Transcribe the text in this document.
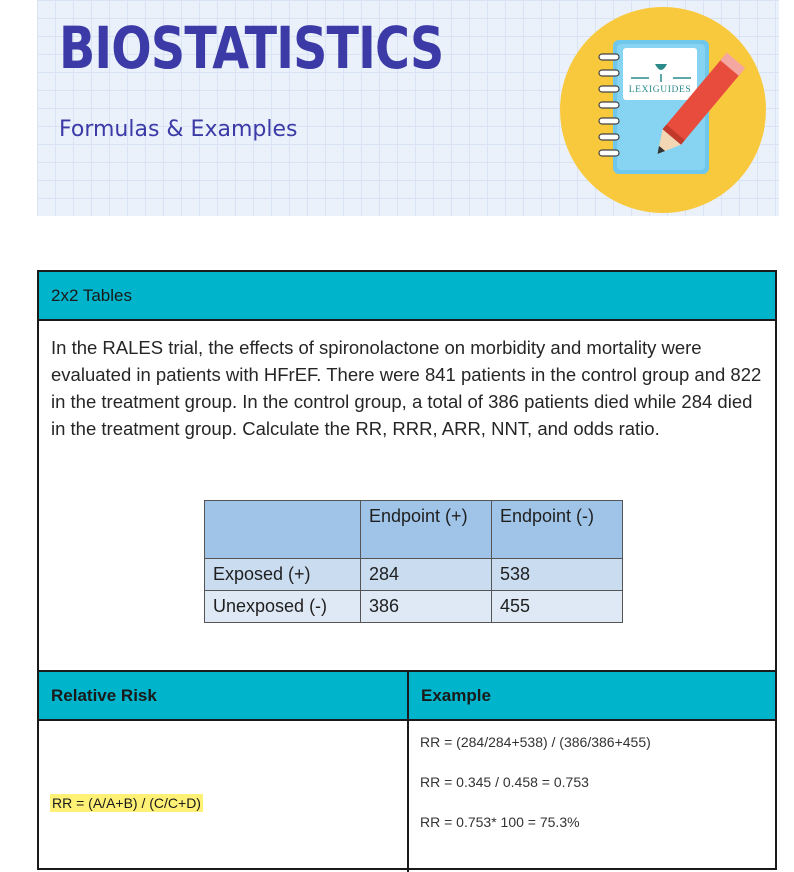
BIOSTATISTICS
Formulas & Examples
LEXIGUIDES
2x2 Tables

In the RALES trial, the effects of spironolactone on morbidity and mortality were evaluated in patients with HFrEF. There were 841 patients in the control group and 822 in the treatment group. In the control group, a total of 386 patients died while 284 died in the treatment group. Calculate the RR, RRR, ARR, NNT, and odds ratio.

	Endpoint (+)	Endpoint (-)
Exposed (+)	284	538
Unexposed (-)	386	455
Relative Risk	Example
RR = (A/A+B) / (C/C+D)
RR = (284/284+538) / (386/386+455)
RR = 0.345 / 0.458 = 0.753
RR = 0.753* 100 = 75.3%
